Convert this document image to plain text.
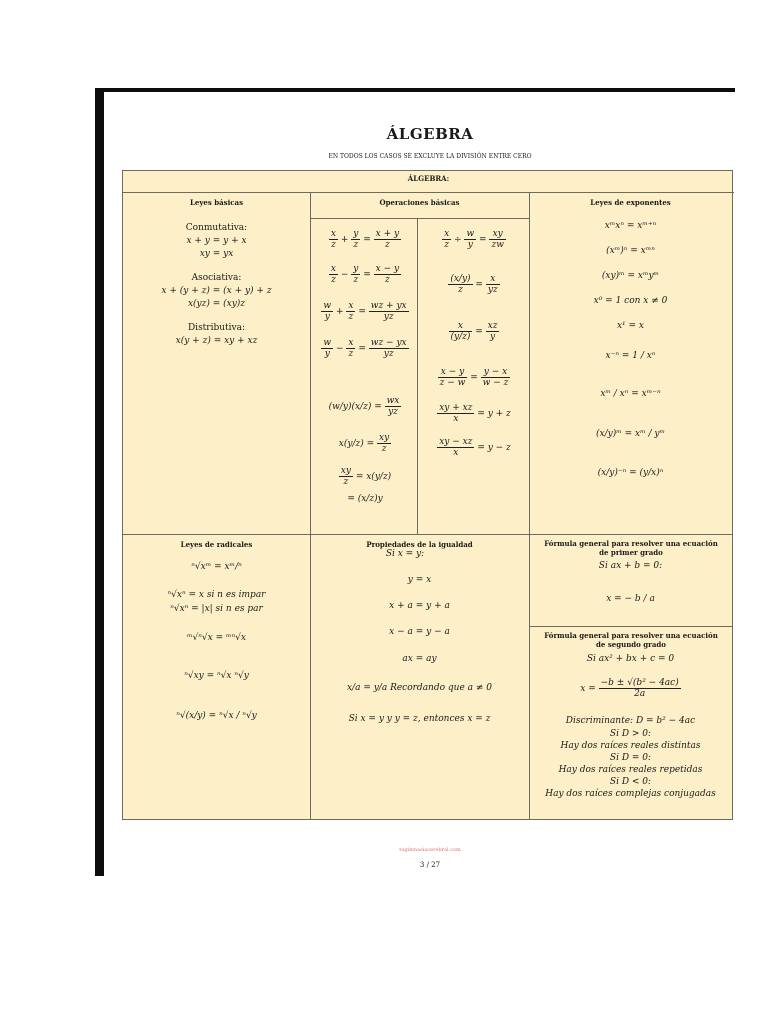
ÁLGEBRA
EN TODOS LOS CASOS SE EXCLUYE LA DIVISIÓN ENTRE CERO
ÁLGEBRA:
Leyes básicas
Conmutativa:
x + y = y + x
xy = yx
Asociativa:
x + (y + z) = (x + y) + z
x(yz) = (xy)z
Distributiva:
x(y + z) = xy + xz
Operaciones básicas
$\frac{x}{z} + \frac{y}{z} = \frac{x + y}{z}$
$\frac{x}{z} - \frac{y}{z} = \frac{x - y}{z}$
$\frac{w}{y} + \frac{x}{z} = \frac{wz + yx}{yz}$
$\frac{w}{y} - \frac{x}{z} = \frac{wz - yx}{yz}$
$(w/y)(x/z) = \frac{wx}{yz}$
$x(y/z) = \frac{xy}{z}$
$\frac{xy}{z} = x(y/z)$
= (x/z)y
$\frac{x}{z} \div \frac{w}{y} = \frac{xy}{zw}$
$\frac{(x/y)}{z} = \frac{x}{yz}$
$\frac{x}{(y/z)} = \frac{xz}{y}$
$\frac{x - y}{z - w} = \frac{y - x}{w - z}$
$\frac{xy + xz}{x} = y + z$
$\frac{xy - xz}{x} = y - z$
Leyes de exponentes
xᵐxⁿ = xᵐ⁺ⁿ
(xᵐ)ⁿ = xᵐⁿ
(xy)ᵐ = xᵐyᵐ
x⁰ = 1 con x ≠ 0
x¹ = x
x⁻ⁿ = 1 / xⁿ
xᵐ / xⁿ = xᵐ⁻ⁿ
(x/y)ᵐ = xᵐ / yᵐ
(x/y)⁻ⁿ = (y/x)ⁿ
Leyes de radicales
ⁿ√xᵐ = xᵐ/ⁿ
ⁿ√xⁿ = x si n es impar
ⁿ√xⁿ = |x| si n es par
ᵐ√ⁿ√x = ᵐⁿ√x
ⁿ√xy = ⁿ√x ⁿ√y
ⁿ√(x/y) = ⁿ√x / ⁿ√y
Propiedades de la igualdad
Si x = y:
y = x
x + a = y + a
x − a = y − a
ax = ay
x/a = y/a Recordando que a ≠ 0
Si x = y y y = z, entonces x = z
Fórmula general para resolver una ecuación de primer grado
Si ax + b = 0:
x = − b / a
Fórmula general para resolver una ecuación de segundo grado
Si ax² + bx + c = 0
$x = \frac{\text{−b ± √(b² − 4ac)}}{2a}$
Discriminante: D = b² − 4ac
Si D > 0:
Hay dos raíces reales distintas
Si D = 0:
Hay dos raíces reales repetidas
Si D < 0:
Hay dos raíces complejas conjugadas
tugimnasiacerebral.com
3 / 27
